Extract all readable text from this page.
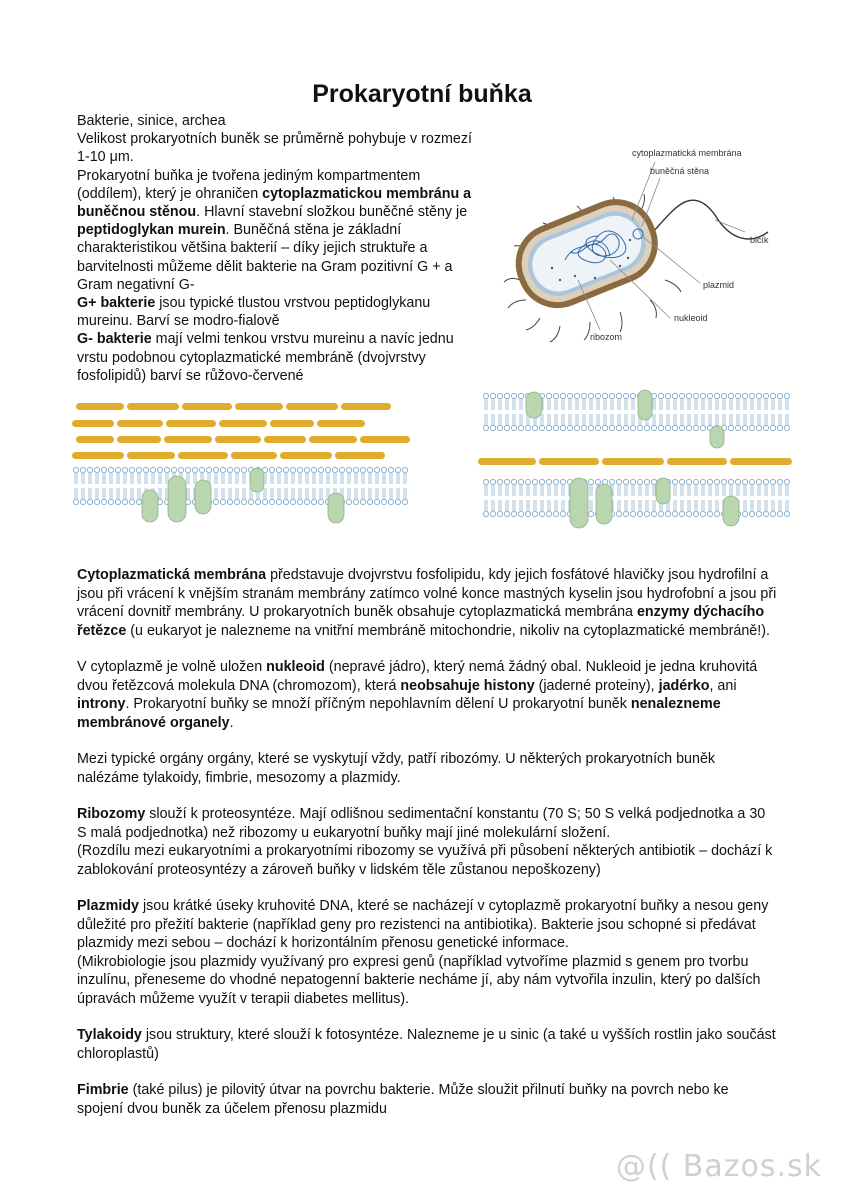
Prokaryotní buňka

Bakterie, sinice, archea

Velikost prokaryotních buněk se průměrně pohybuje v rozmezí 1-10 μm.

Prokaryotní buňka je tvořena jediným kompartmentem (oddílem), který je ohraničen cytoplazmatickou membránu a buněčnou stěnou. Hlavní stavební složkou buněčné stěny je peptidoglykan murein. Buněčná stěna je základní charakteristikou většina bakterií – díky jejich struktuře a barvitelnosti můžeme dělit bakterie na Gram pozitivní G + a Gram negativní G-

G+ bakterie jsou typické tlustou vrstvou peptidoglykanu mureinu. Barví se modro-fialově

G- bakterie mají velmi tenkou vrstvu mureinu a navíc jednu vrstu podobnou cytoplazmatické membráně (dvojvrstvy fosfolipidů) barví se růžovo-červené

cytoplazmatická membrána
buněčná stěna
bičík
plazmid
nukleoid
ribozom

Cytoplazmatická membrána představuje dvojvrstvu fosfolipidu, kdy jejich fosfátové hlavičky jsou hydrofilní a jsou při vrácení k vnějším stranám membrány zatímco volné konce mastných kyselin jsou hydrofobní a jsou při vrácení dovnitř membrány. U prokaryotních buněk obsahuje cytoplazmatická membrána enzymy dýchacího řetězce (u eukaryot je nalezneme na vnitřní membráně mitochondrie, nikoliv na cytoplazmatické membráně!).

V cytoplazmě je volně uložen nukleoid (nepravé jádro), který nemá žádný obal. Nukleoid je jedna kruhovitá dvou řetězcová molekula DNA (chromozom), která neobsahuje histony (jaderné proteiny), jadérko, ani introny. Prokaryotní buňky se množí příčným nepohlavním dělení U prokaryotní buněk nenalezneme membránové organely.

Mezi typické orgány orgány, které se vyskytují vždy, patří ribozómy. U některých prokaryotních buněk nalézáme tylakoidy, fimbrie, mesozomy a plazmidy.

Ribozomy slouží k proteosyntéze. Mají odlišnou sedimentační konstantu (70 S; 50 S velká podjednotka a 30 S malá podjednotka) než ribozomy u eukaryotní buňky mají jiné molekulární složení.
(Rozdílu mezi eukaryotními a prokaryotními ribozomy se využívá při působení některých antibiotik – dochází k zablokování proteosyntézy a zároveň buňky v lidském těle zůstanou nepoškozeny)

Plazmidy jsou krátké úseky kruhovité DNA, které se nacházejí v cytoplazmě prokaryotní buňky a nesou geny důležité pro přežití bakterie (například geny pro rezistenci na antibiotika). Bakterie jsou schopné si předávat plazmidy mezi sebou – dochází k horizontálním přenosu genetické informace.
(Mikrobiologie jsou plazmidy využívaný pro expresi genů (například vytvoříme plazmid s genem pro tvorbu inzulínu, přeneseme do vhodné nepatogenní bakterie necháme jí, aby nám vytvořila inzulin, který po dalších úpravách můžeme využít v terapii diabetes mellitus).

Tylakoidy jsou struktury, které slouží k fotosyntéze. Nalezneme je u sinic (a také u vyšších rostlin jako součást chloroplastů)

Fimbrie (také pilus) je pilovitý útvar na povrchu bakterie. Může sloužit přilnutí buňky na povrch nebo ke spojení dvou buněk za účelem přenosu plazmidu

@(( Bazos.sk
